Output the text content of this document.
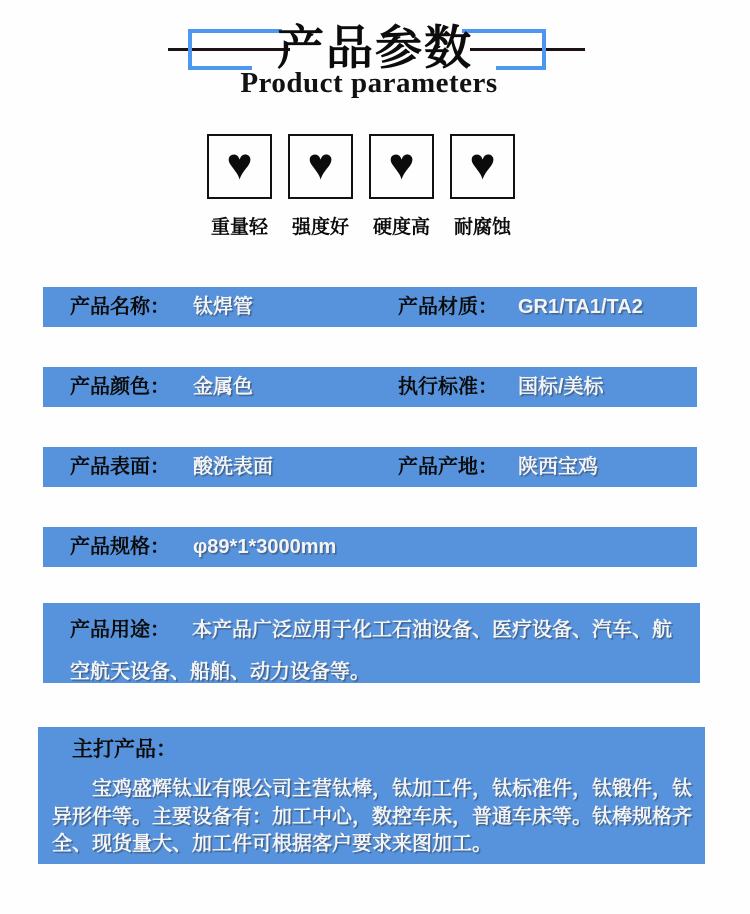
产品参数
Product parameters
♥
重量轻
♥
强度好
♥
硬度高
♥
耐腐蚀
产品名称： 钛焊管	产品材质： GR1/TA1/TA2
产品颜色： 金属色	执行标准： 国标/美标
产品表面： 酸洗表面	产品产地： 陕西宝鸡
产品规格： φ89*1*3000mm
产品用途： 本产品广泛应用于化工石油设备、医疗设备、汽车、航空航天设备、船舶、动力设备等。
主打产品：

宝鸡盛辉钛业有限公司主营钛棒，钛加工件，钛标准件，钛锻件，钛异形件等。主要设备有：加工中心，数控车床，普通车床等。钛棒规格齐全、现货量大、加工件可根据客户要求来图加工。
